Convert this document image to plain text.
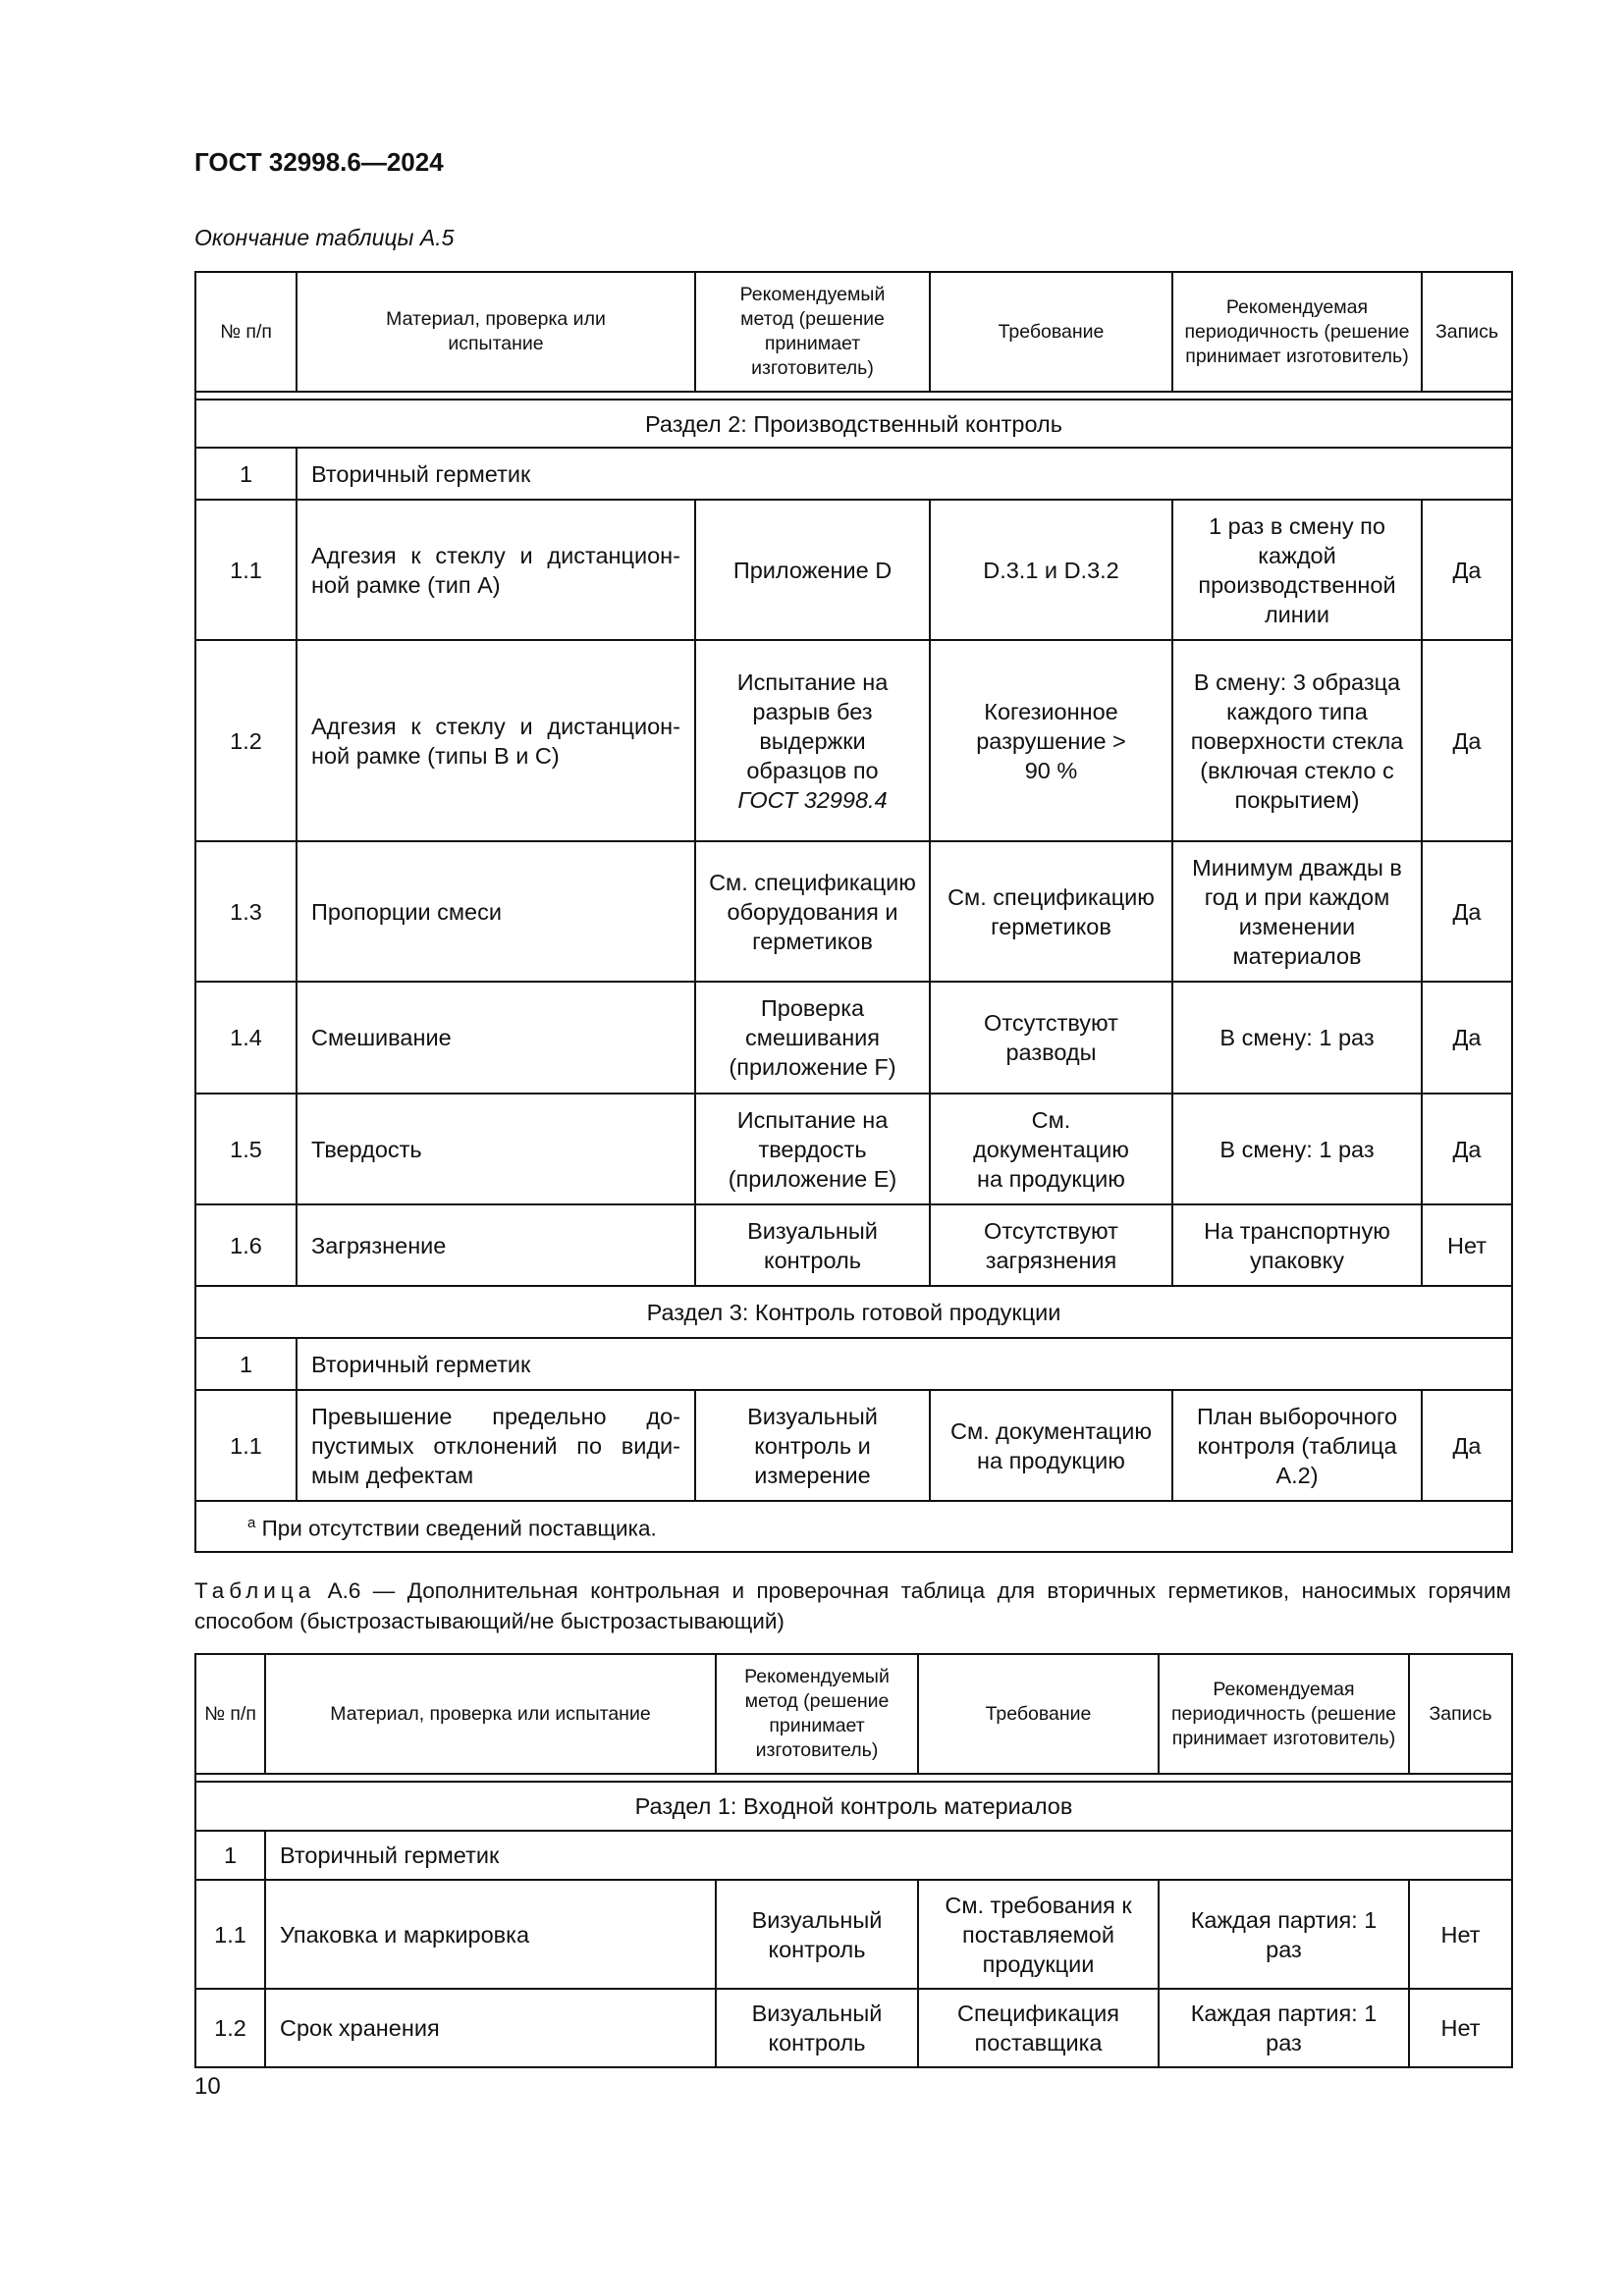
ГОСТ 32998.6—2024
Окончание таблицы А.5
№ п/п	Материал, проверка или испытание	Рекомендуемый метод (решение принимает изготовитель)	Требование	Рекомендуемая периодичность (решение принимает изготовитель)	Запись

Раздел 2: Производственный контроль					
1	Вторичный герметик				
1.1	Адгезия к стеклу и дистанцион-ной рамке (тип А)	Приложение D	D.3.1 и D.3.2	1 раз в смену по каждой производственной линии	Да
1.2	Адгезия к стеклу и дистанцион-ной рамке (типы В и С)	Испытание на разрыв без выдержки образцов по ГОСТ 32998.4	Когезионное разрушение > 90 %	В смену: 3 образца каждого типа поверхности стекла (включая стекло с покрытием)	Да
1.3	Пропорции смеси	См. спецификацию оборудования и герметиков	См. спецификацию герметиков	Минимум дважды в год и при каждом изменении материалов	Да
1.4	Смешивание	Проверка смешивания (приложение F)	Отсутствуют разводы	В смену: 1 раз	Да
1.5	Твердость	Испытание на твердость (приложение Е)	См. документацию на продукцию	В смену: 1 раз	Да
1.6	Загрязнение	Визуальный контроль	Отсутствуют загрязнения	На транспортную упаковку	Нет
Раздел 3: Контроль готовой продукции					
1	Вторичный герметик				
1.1	Превышение предельно до-пустимых отклонений по види-мым дефектам	Визуальный контроль и измерение	См. документацию на продукцию	План выборочного контроля (таблица А.2)	Да
$^а$ При отсутствии сведений поставщика.					
Таблица А.6 — Дополнительная контрольная и проверочная таблица для вторичных герметиков, наносимых горячим способом (быстрозастывающий/не быстрозастывающий)
№ п/п	Материал, проверка или испытание	Рекомендуемый метод (решение принимает изготовитель)	Требование	Рекомендуемая периодичность (решение принимает изготовитель)	Запись

Раздел 1: Входной контроль материалов					
1	Вторичный герметик				
1.1	Упаковка и маркировка	Визуальный контроль	См. требования к поставляемой продукции	Каждая партия: 1 раз	Нет
1.2	Срок хранения	Визуальный контроль	Спецификация поставщика	Каждая партия: 1 раз	Нет
10
